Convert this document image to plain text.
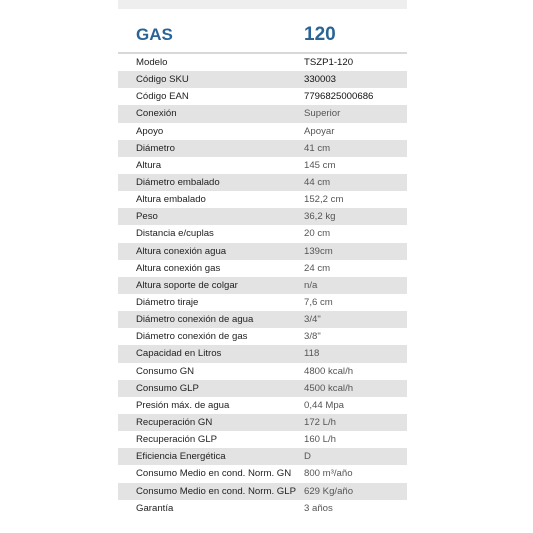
GAS	120
Modelo	TSZP1-120
Código SKU	330003
Código EAN	7796825000686
Conexión	Superior
Apoyo	Apoyar
Diámetro	41 cm
Altura	145 cm
Diámetro embalado	44 cm
Altura embalado	152,2 cm
Peso	36,2 kg
Distancia e/cuplas	20 cm
Altura conexión agua	139cm
Altura conexión gas	24 cm
Altura soporte de colgar	n/a
Diámetro tiraje	7,6 cm
Diámetro conexión de agua	3/4"
Diámetro conexión de gas	3/8"
Capacidad en Litros	118
Consumo GN	4800 kcal/h
Consumo GLP	4500 kcal/h
Presión máx. de agua	0,44 Mpa
Recuperación GN	172 L/h
Recuperación GLP	160 L/h
Eficiencia Energética	D
Consumo Medio en cond. Norm. GN	800 m³/año
Consumo Medio en cond. Norm. GLP 629 Kg/año
Garantía	3 años
